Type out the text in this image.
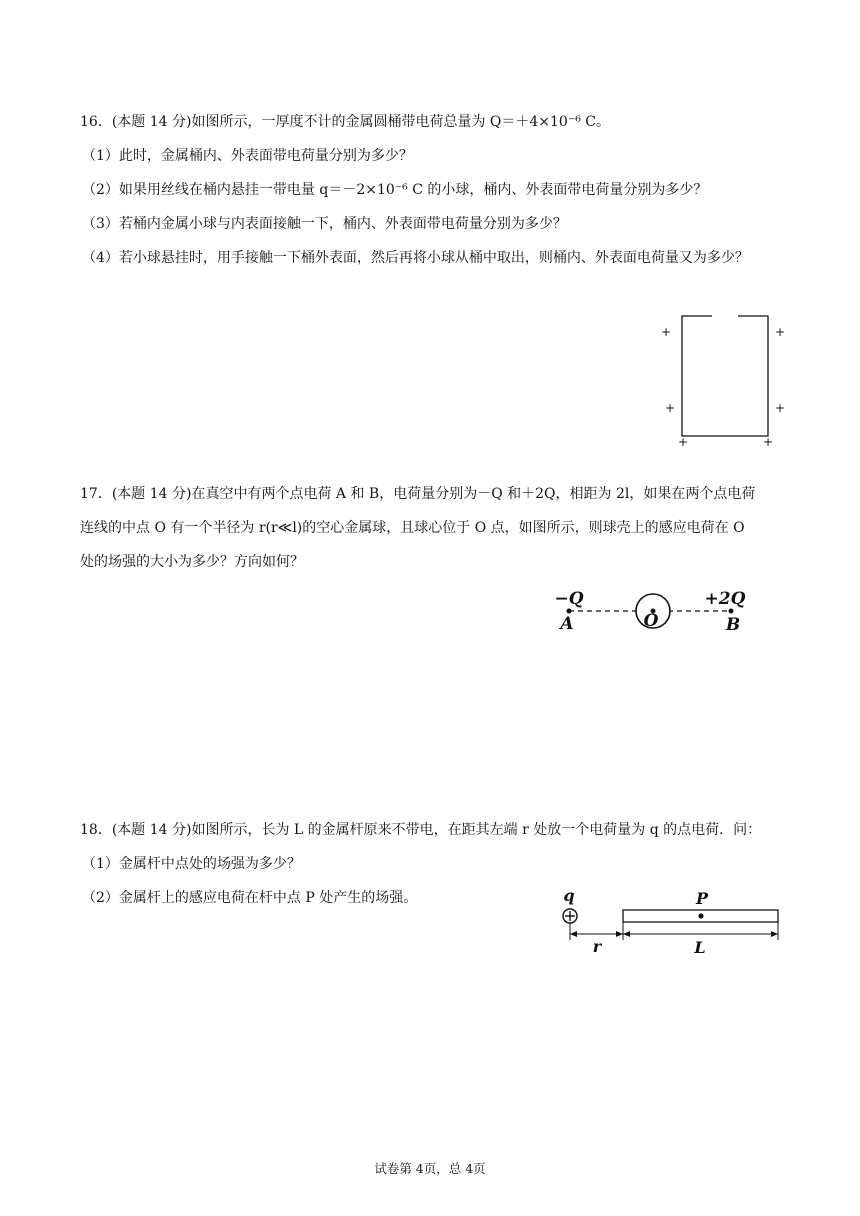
16．(本题 14 分)如图所示，一厚度不计的金属圆桶带电荷总量为 Q＝＋4×10⁻⁶ C。
（1）此时，金属桶内、外表面带电荷量分别为多少？
（2）如果用丝线在桶内悬挂一带电量 q＝－2×10⁻⁶ C 的小球，桶内、外表面带电荷量分别为多少？
（3）若桶内金属小球与内表面接触一下，桶内、外表面带电荷量分别为多少？
（4）若小球悬挂时，用手接触一下桶外表面，然后再将小球从桶中取出，则桶内、外表面电荷量又为多少？
+	+
+	+
+	+
17．(本题 14 分)在真空中有两个点电荷 A 和 B，电荷量分别为－Q 和＋2Q，相距为 2l，如果在两个点电荷
连线的中点 O 有一个半径为 r(r≪l)的空心金属球，且球心位于 O 点，如图所示，则球壳上的感应电荷在 O
处的场强的大小为多少？方向如何？
−Q
A	O
+2Q
B
18．(本题 14 分)如图所示，长为 L 的金属杆原来不带电，在距其左端 r 处放一个电荷量为 q 的点电荷．问：
（1）金属杆中点处的场强为多少？
（2）金属杆上的感应电荷在杆中点 P 处产生的场强。	q	P
r	L
试卷第 4页，总 4页
